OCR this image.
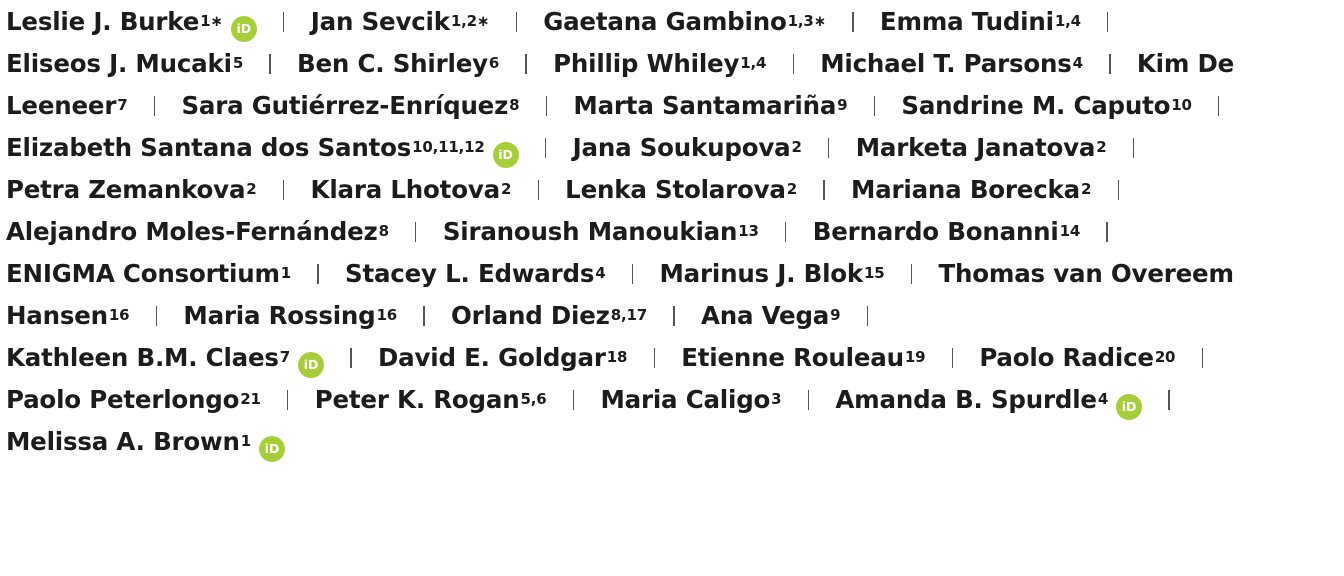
Leslie J. Burke$^{1∗}$ iD Jan Sevcik$^{1,2∗}$ Gaetana Gambino$^{1,3∗}$ Emma Tudini$^{1,4}$
Eliseos J. Mucaki$^5$ Ben C. Shirley$^6$ Phillip Whiley$^{1,4}$ Michael T. Parsons$^4$ Kim De
Leeneer$^7$ Sara Gutiérrez-Enríquez$^8$ Marta Santamariña$^9$ Sandrine M. Caputo$^{10}$
Elizabeth Santana dos Santos$^{10,11,12}$ iD Jana Soukupova$^2$ Marketa Janatova$^2$
Petra Zemankova$^2$ Klara Lhotova$^2$ Lenka Stolarova$^2$ Mariana Borecka$^2$
Alejandro Moles-Fernández$^8$ Siranoush Manoukian$^{13}$ Bernardo Bonanni$^{14}$
ENIGMA Consortium$^1$ Stacey L. Edwards$^4$ Marinus J. Blok$^{15}$ Thomas van Overeem
Hansen$^{16}$ Maria Rossing$^{16}$ Orland Diez$^{8,17}$ Ana Vega$^9$
Kathleen B.M. Claes$^7$ iD David E. Goldgar$^{18}$ Etienne Rouleau$^{19}$ Paolo Radice$^{20}$
Paolo Peterlongo$^{21}$ Peter K. Rogan$^{5,6}$ Maria Caligo$^3$ Amanda B. Spurdle$^4$ iD
Melissa A. Brown$^1$ iD
